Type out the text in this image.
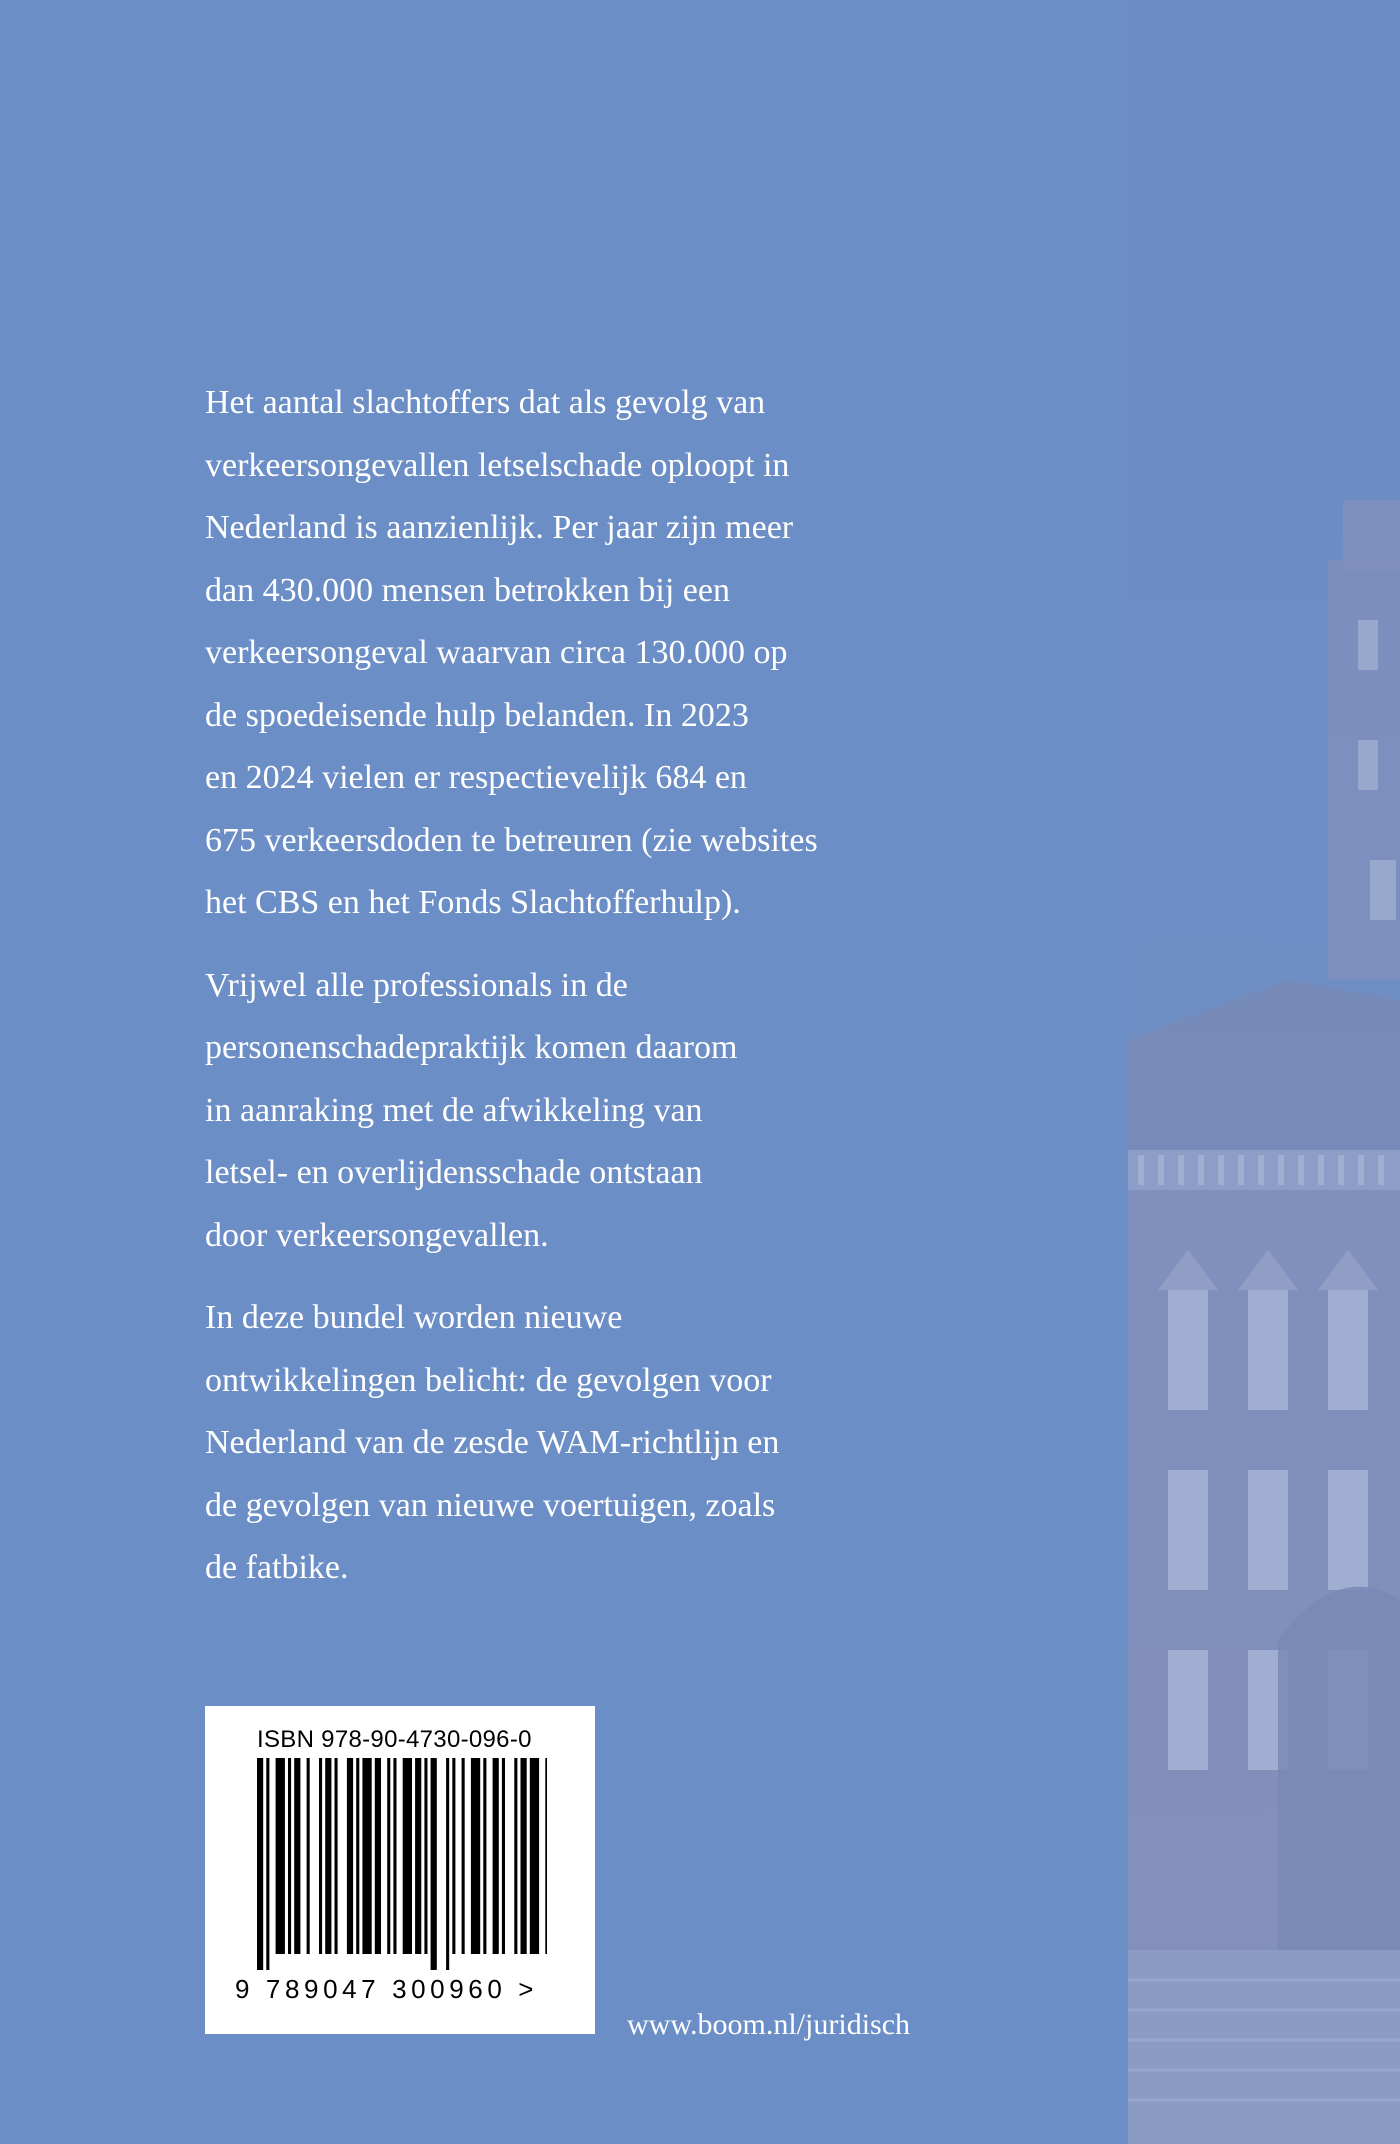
Het aantal slachtoffers dat als gevolg van
verkeersongevallen letselschade oploopt in
Nederland is aanzienlijk. Per jaar zijn meer
dan 430.000 mensen betrokken bij een
verkeersongeval waarvan circa 130.000 op
de spoedeisende hulp belanden. In 2023
en 2024 vielen er respectievelijk 684 en
675 verkeersdoden te betreuren (zie websites
het CBS en het Fonds Slachtofferhulp).

Vrijwel alle professionals in de
personenschadepraktijk komen daarom
in aanraking met de afwikkeling van
letsel- en overlijdensschade ontstaan
door verkeersongevallen.

In deze bundel worden nieuwe
ontwikkelingen belicht: de gevolgen voor
Nederland van de zesde WAM-richtlijn en
de gevolgen van nieuwe voertuigen, zoals
de fatbike.

ISBN 978-90-4730-096-0
9 789047 300960 >
www.boom.nl/juridisch
